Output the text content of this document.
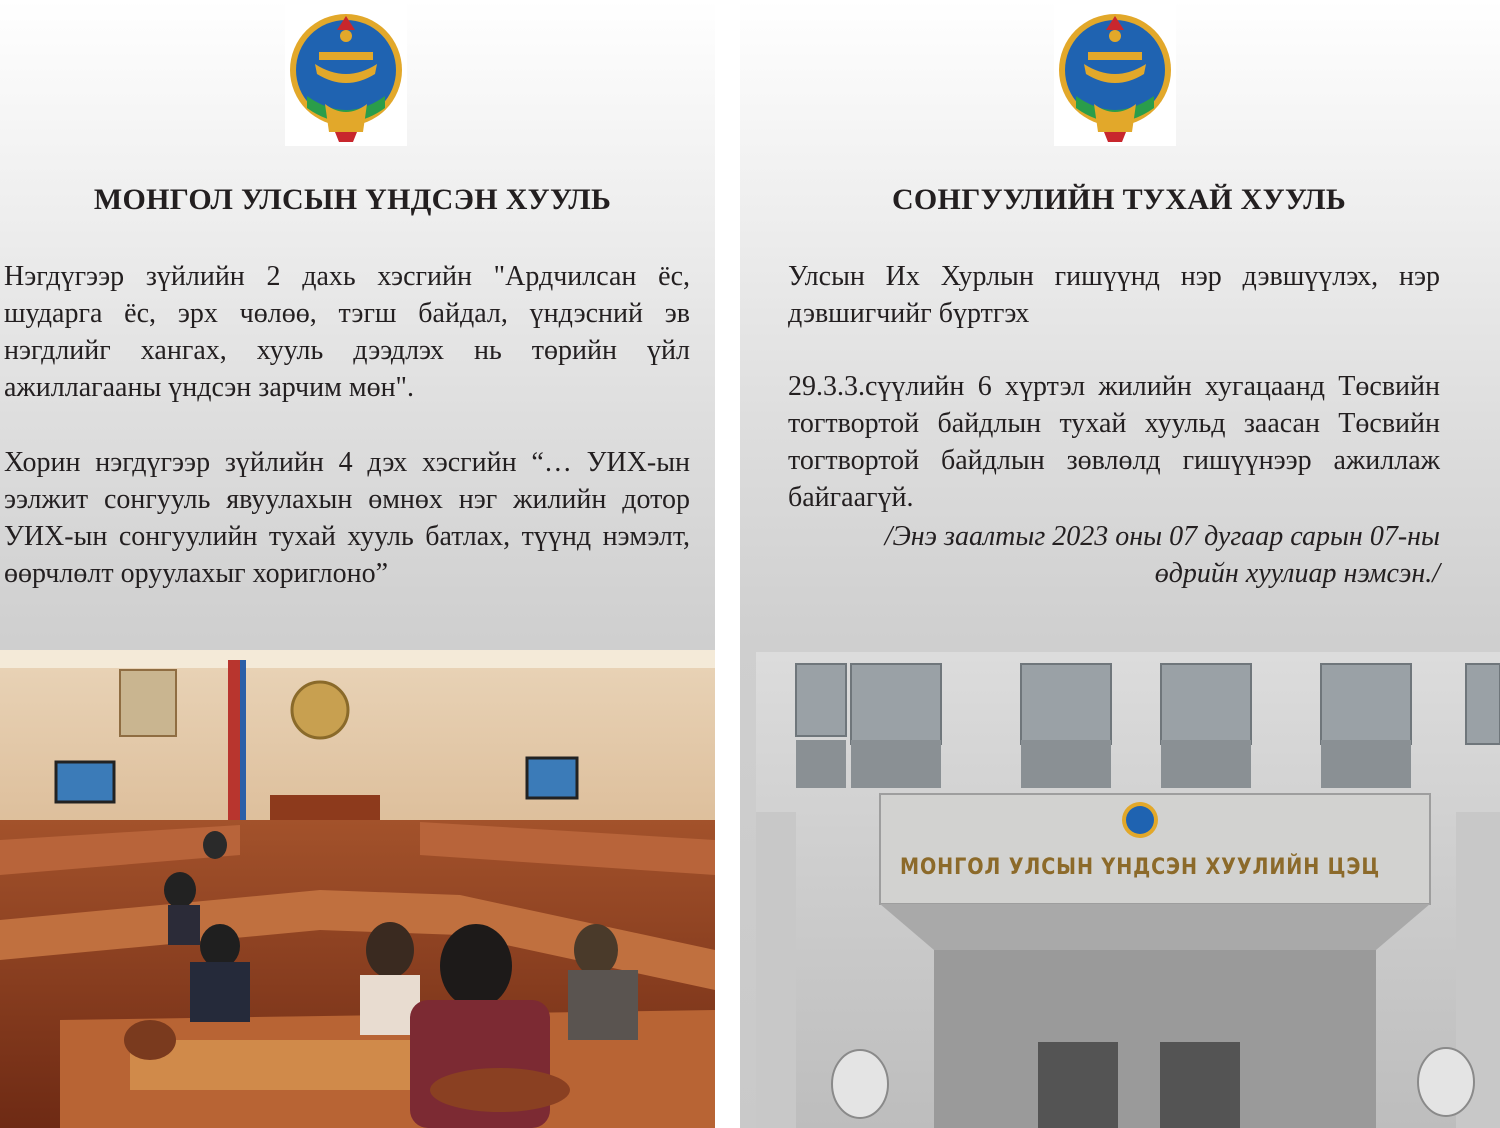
МОНГОЛ УЛСЫН ҮНДСЭН ХУУЛЬ
Нэгдүгээр зүйлийн 2 дахь хэсгийн "Ардчилсан ёс, шударга ёс, эрх чөлөө, тэгш байдал, үндэсний эв нэгдлийг хангах, хууль дээдлэх нь төрийн үйл ажиллагааны үндсэн зарчим мөн".
Хорин нэгдүгээр зүйлийн 4 дэх хэсгийн “… УИХ-ын ээлжит сонгууль явуулахын өмнөх нэг жилийн дотор УИХ-ын сонгуулийн тухай хууль батлах, түүнд нэмэлт, өөрчлөлт оруулахыг хориглоно”
СОНГУУЛИЙН ТУХАЙ ХУУЛЬ
Улсын Их Хурлын гишүүнд нэр дэвшүүлэх, нэр дэвшигчийг бүртгэх
29.3.3.сүүлийн 6 хүртэл жилийн хугацаанд Төсвийн тогтвортой байдлын тухай хуульд заасан Төсвийн тогтвортой байдлын зөвлөлд гишүүнээр ажиллаж байгаагүй.
/Энэ заалтыг 2023 оны 07 дугаар сарын 07-ны
өдрийн хуулиар нэмсэн./
МОНГОЛ УЛСЫН ҮНДСЭН ХУУЛИЙН ЦЭЦ
